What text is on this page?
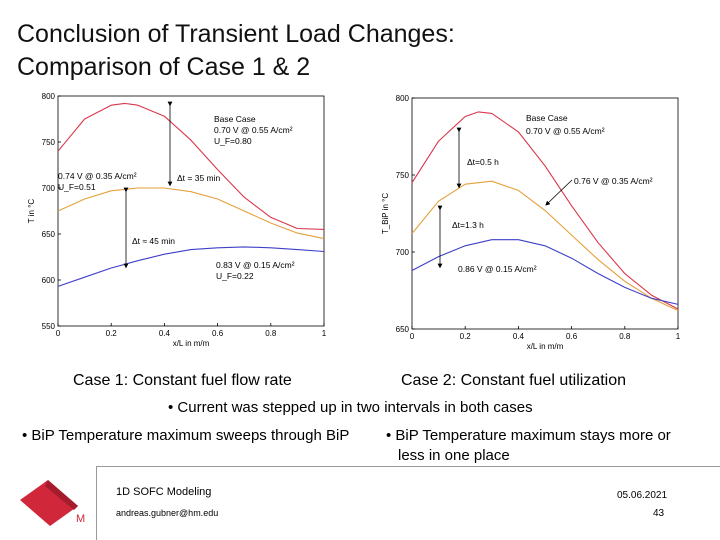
Conclusion of Transient Load Changes:
Comparison of Case 1 & 2
0	0.2	0.4	0.6	0.8	1
550
600
650
700
750
800
x/L in m/m
T in °C
Base Case
0.70 V @ 0.55 A/cm²
U_F=0.80
0.74 V @ 0.35 A/cm²
U_F=0.51
Δt = 35 min
Δt ≈ 45 min
0.83 V @ 0.15 A/cm²
U_F=0.22
0	0.2	0.4	0.6	0.8	1
650
700
750
800
x/L in m/m
T_BiP in °C
Base Case
0.70 V @ 0.55 A/cm²
Δt=0.5 h
0.76 V @ 0.35 A/cm²
Δt=1.3 h
0.86 V @ 0.15 A/cm²
Case 1: Constant fuel flow rate	Case 2: Constant fuel utilization
• Current was stepped up in two intervals in both cases
• BiP Temperature maximum sweeps through BiP • BiP Temperature maximum stays more or
less in one place
M
1D SOFC Modeling
andreas.gubner@hm.edu
05.06.2021
43
